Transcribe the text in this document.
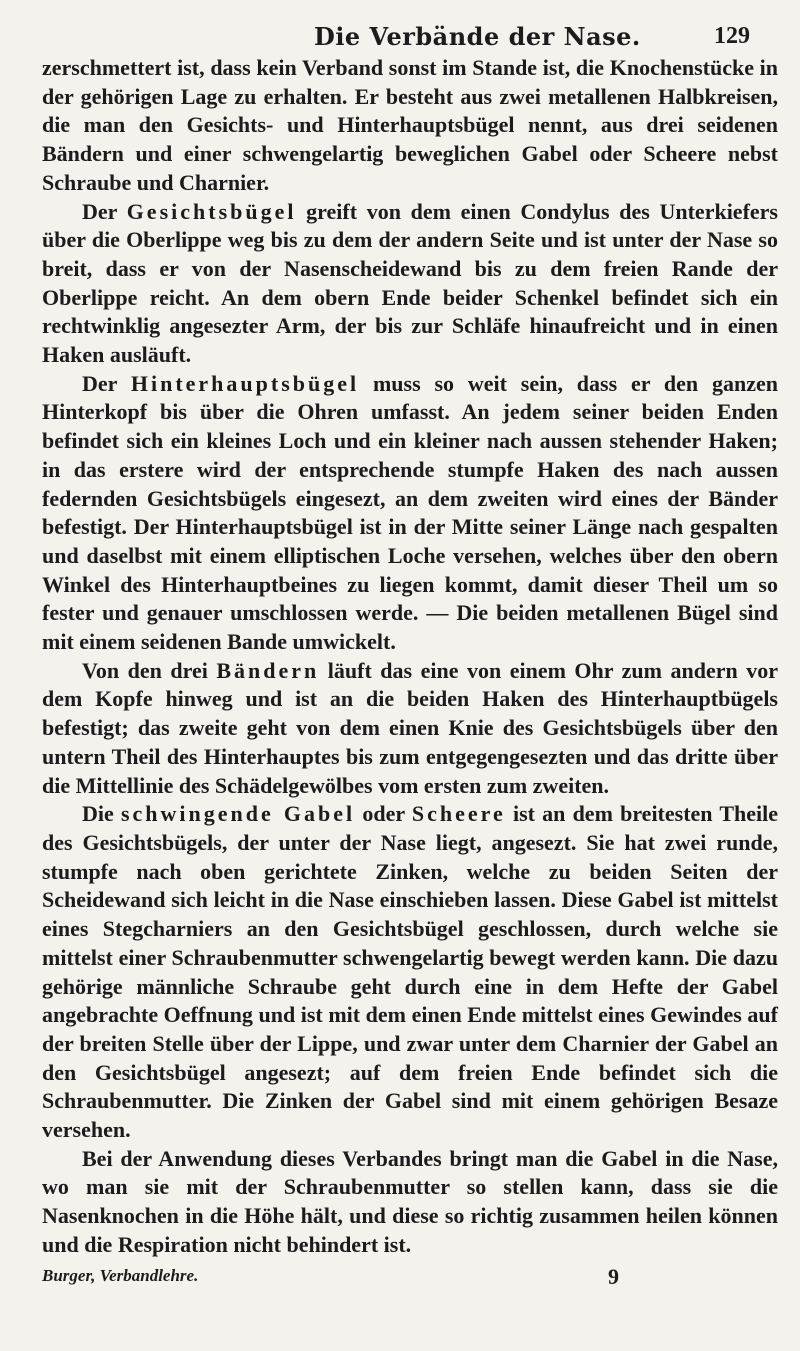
Die Verbände der Nase.	129

zerschmettert ist, dass kein Verband sonst im Stande ist, die Knochenstücke in der gehörigen Lage zu erhalten. Er besteht aus zwei metallenen Halbkreisen, die man den Gesichts- und Hinterhauptsbügel nennt, aus drei seidenen Bändern und einer schwengelartig beweglichen Gabel oder Scheere nebst Schraube und Charnier.

Der Gesichtsbügel greift von dem einen Condylus des Unterkiefers über die Oberlippe weg bis zu dem der andern Seite und ist unter der Nase so breit, dass er von der Nasenscheidewand bis zu dem freien Rande der Oberlippe reicht. An dem obern Ende beider Schenkel befindet sich ein rechtwinklig angesezter Arm, der bis zur Schläfe hinaufreicht und in einen Haken ausläuft.

Der Hinterhauptsbügel muss so weit sein, dass er den ganzen Hinterkopf bis über die Ohren umfasst. An jedem seiner beiden Enden befindet sich ein kleines Loch und ein kleiner nach aussen stehender Haken; in das erstere wird der entsprechende stumpfe Haken des nach aussen federnden Gesichtsbügels eingesezt, an dem zweiten wird eines der Bänder befestigt. Der Hinterhauptsbügel ist in der Mitte seiner Länge nach gespalten und daselbst mit einem elliptischen Loche versehen, welches über den obern Winkel des Hinterhauptbeines zu liegen kommt, damit dieser Theil um so fester und genauer umschlossen werde. — Die beiden metallenen Bügel sind mit einem seidenen Bande umwickelt.

Von den drei Bändern läuft das eine von einem Ohr zum andern vor dem Kopfe hinweg und ist an die beiden Haken des Hinterhauptbügels befestigt; das zweite geht von dem einen Knie des Gesichtsbügels über den untern Theil des Hinterhauptes bis zum entgegengesezten und das dritte über die Mittellinie des Schädelgewölbes vom ersten zum zweiten.

Die schwingende Gabel oder Scheere ist an dem breitesten Theile des Gesichtsbügels, der unter der Nase liegt, angesezt. Sie hat zwei runde, stumpfe nach oben gerichtete Zinken, welche zu beiden Seiten der Scheidewand sich leicht in die Nase einschieben lassen. Diese Gabel ist mittelst eines Stegcharniers an den Gesichtsbügel geschlossen, durch welche sie mittelst einer Schraubenmutter schwengelartig bewegt werden kann. Die dazu gehörige männliche Schraube geht durch eine in dem Hefte der Gabel angebrachte Oeffnung und ist mit dem einen Ende mittelst eines Gewindes auf der breiten Stelle über der Lippe, und zwar unter dem Charnier der Gabel an den Gesichtsbügel angesezt; auf dem freien Ende befindet sich die Schraubenmutter. Die Zinken der Gabel sind mit einem gehörigen Besaze versehen.

Bei der Anwendung dieses Verbandes bringt man die Gabel in die Nase, wo man sie mit der Schraubenmutter so stellen kann, dass sie die Nasenknochen in die Höhe hält, und diese so richtig zusammen heilen können und die Respiration nicht behindert ist.

Burger, Verbandlehre.	9
